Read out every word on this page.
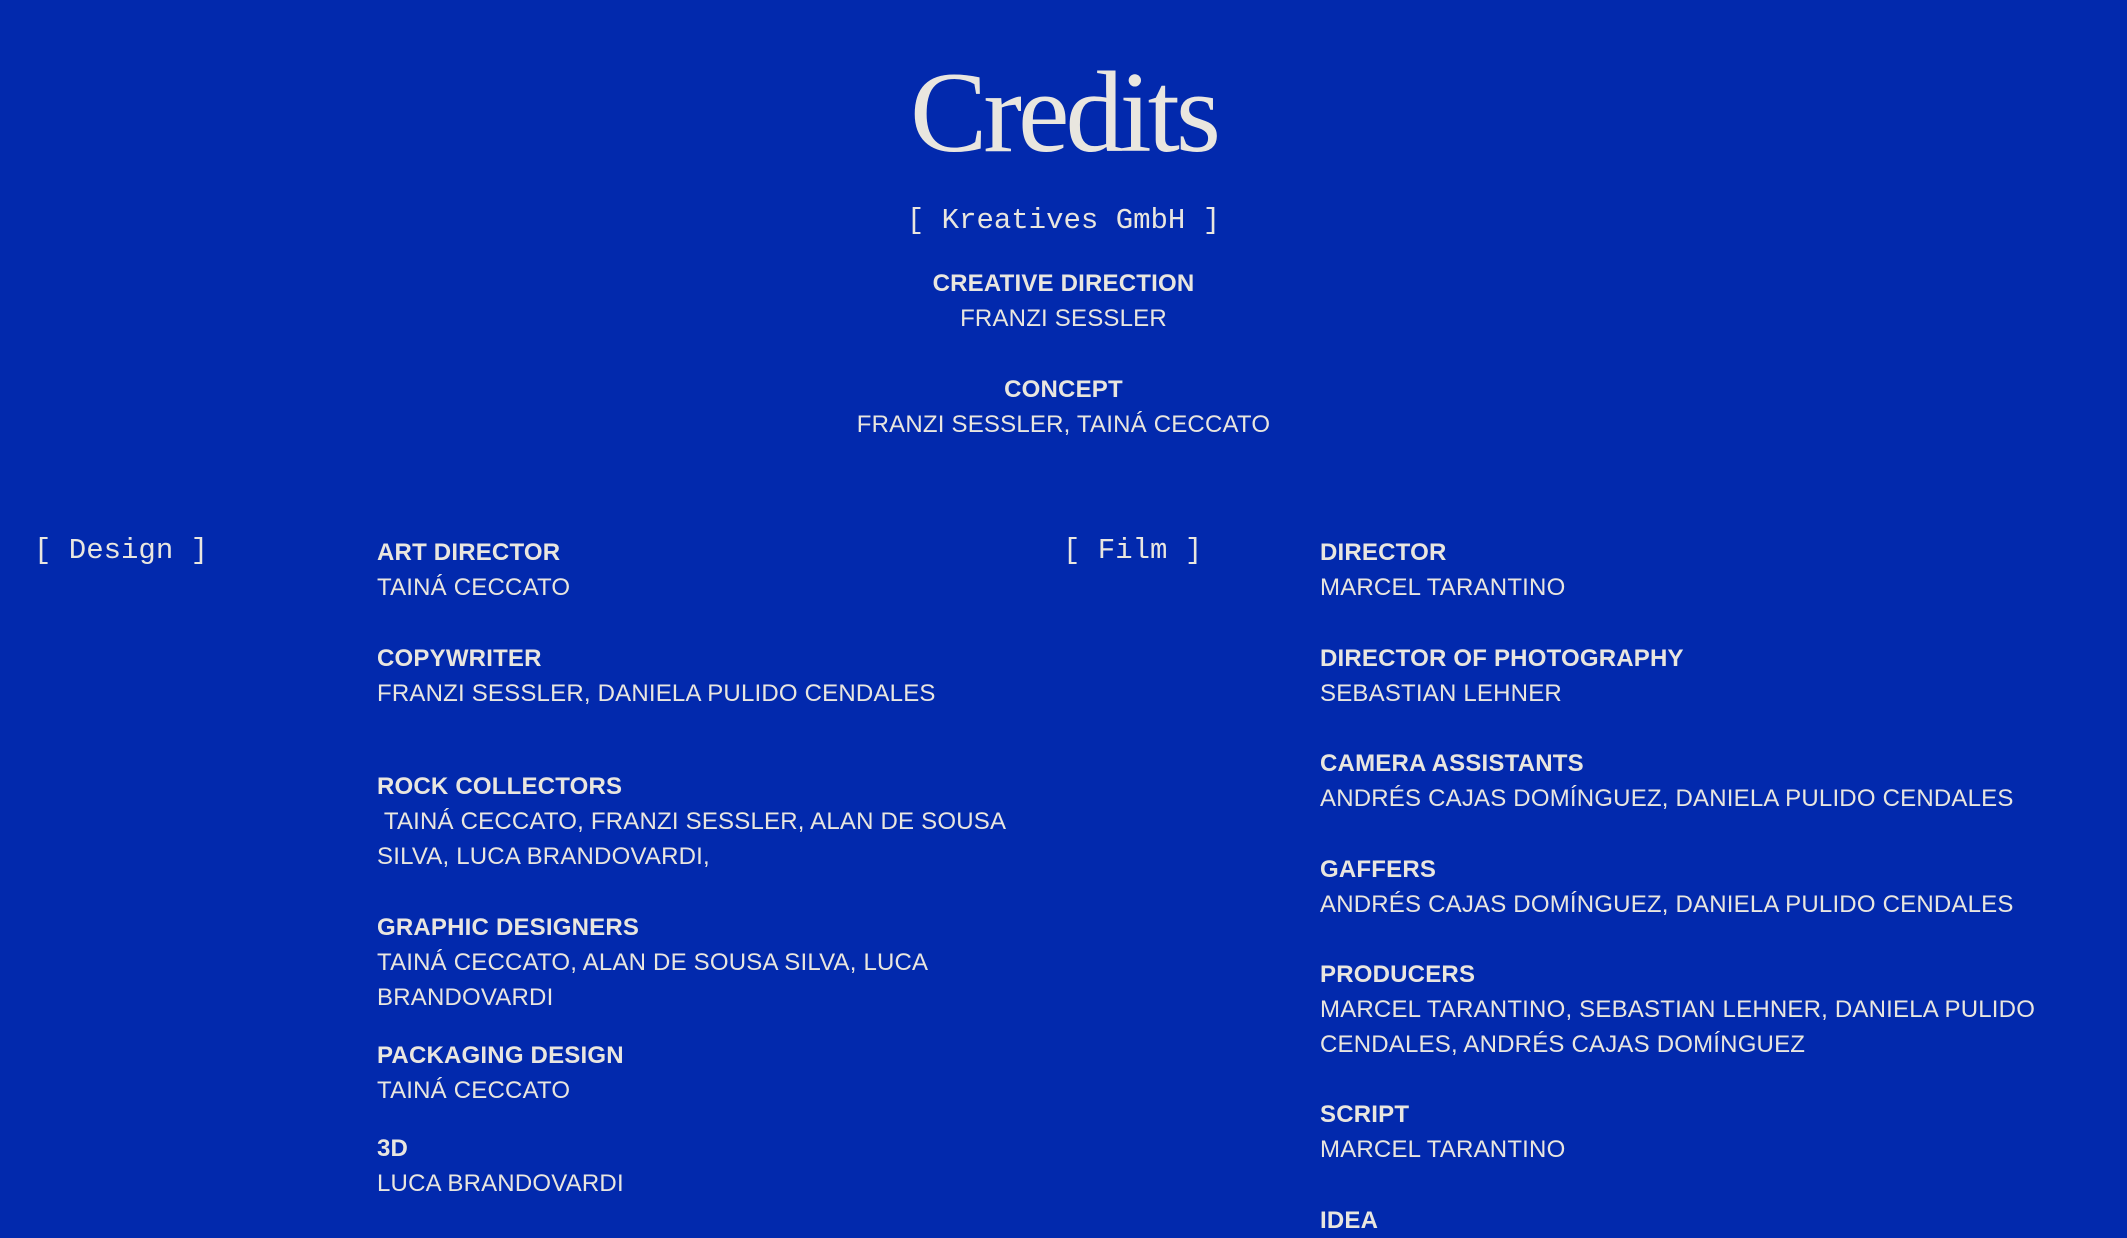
Credits
[ Kreatives GmbH ]
CREATIVE DIRECTION
FRANZI SESSLER
CONCEPT
FRANZI SESSLER, TAINÁ CECCATO
[ Design ]	ART DIRECTOR
TAINÁ CECCATO
COPYWRITER
FRANZI SESSLER, DANIELA PULIDO CENDALES
ROCK COLLECTORS
TAINÁ CECCATO, FRANZI SESSLER, ALAN DE SOUSA SILVA, LUCA BRANDOVARDI,
GRAPHIC DESIGNERS
TAINÁ CECCATO, ALAN DE SOUSA SILVA, LUCA BRANDOVARDI
PACKAGING DESIGN
TAINÁ CECCATO
3D
LUCA BRANDOVARDI
[ Film ]	DIRECTOR
MARCEL TARANTINO
DIRECTOR OF PHOTOGRAPHY
SEBASTIAN LEHNER
CAMERA ASSISTANTS
ANDRÉS CAJAS DOMÍNGUEZ, DANIELA PULIDO CENDALES
GAFFERS
ANDRÉS CAJAS DOMÍNGUEZ, DANIELA PULIDO CENDALES
PRODUCERS
MARCEL TARANTINO, SEBASTIAN LEHNER, DANIELA PULIDO CENDALES, ANDRÉS CAJAS DOMÍNGUEZ
SCRIPT
MARCEL TARANTINO
IDEA
